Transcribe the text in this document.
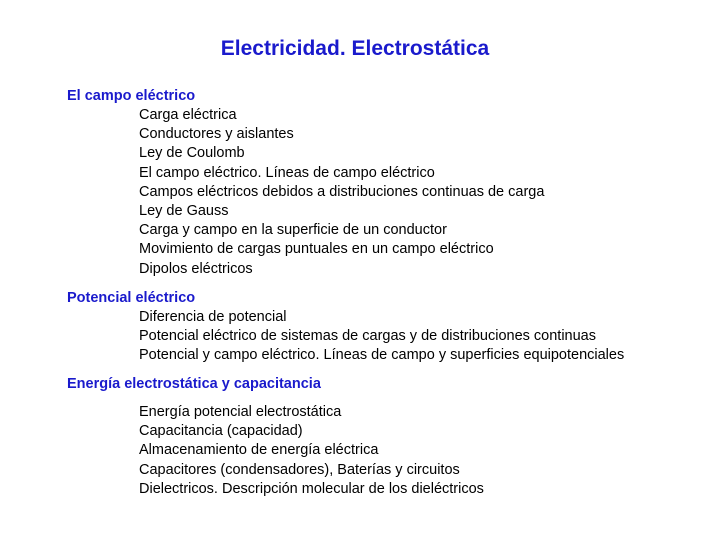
Electricidad. Electrostática
El campo eléctrico
Carga eléctrica
Conductores y aislantes
Ley de Coulomb
El campo eléctrico. Líneas de campo eléctrico
Campos eléctricos debidos a distribuciones continuas de carga
Ley de Gauss
Carga y campo en la superficie de un conductor
Movimiento de cargas puntuales en un campo eléctrico
Dipolos eléctricos
Potencial eléctrico
Diferencia de potencial
Potencial eléctrico de sistemas de cargas y de distribuciones continuas
Potencial y campo eléctrico. Líneas de campo y superficies equipotenciales
Energía electrostática y capacitancia
Energía potencial electrostática
Capacitancia (capacidad)
Almacenamiento de energía eléctrica
Capacitores (condensadores), Baterías y circuitos
Dielectricos. Descripción molecular de los dieléctricos
